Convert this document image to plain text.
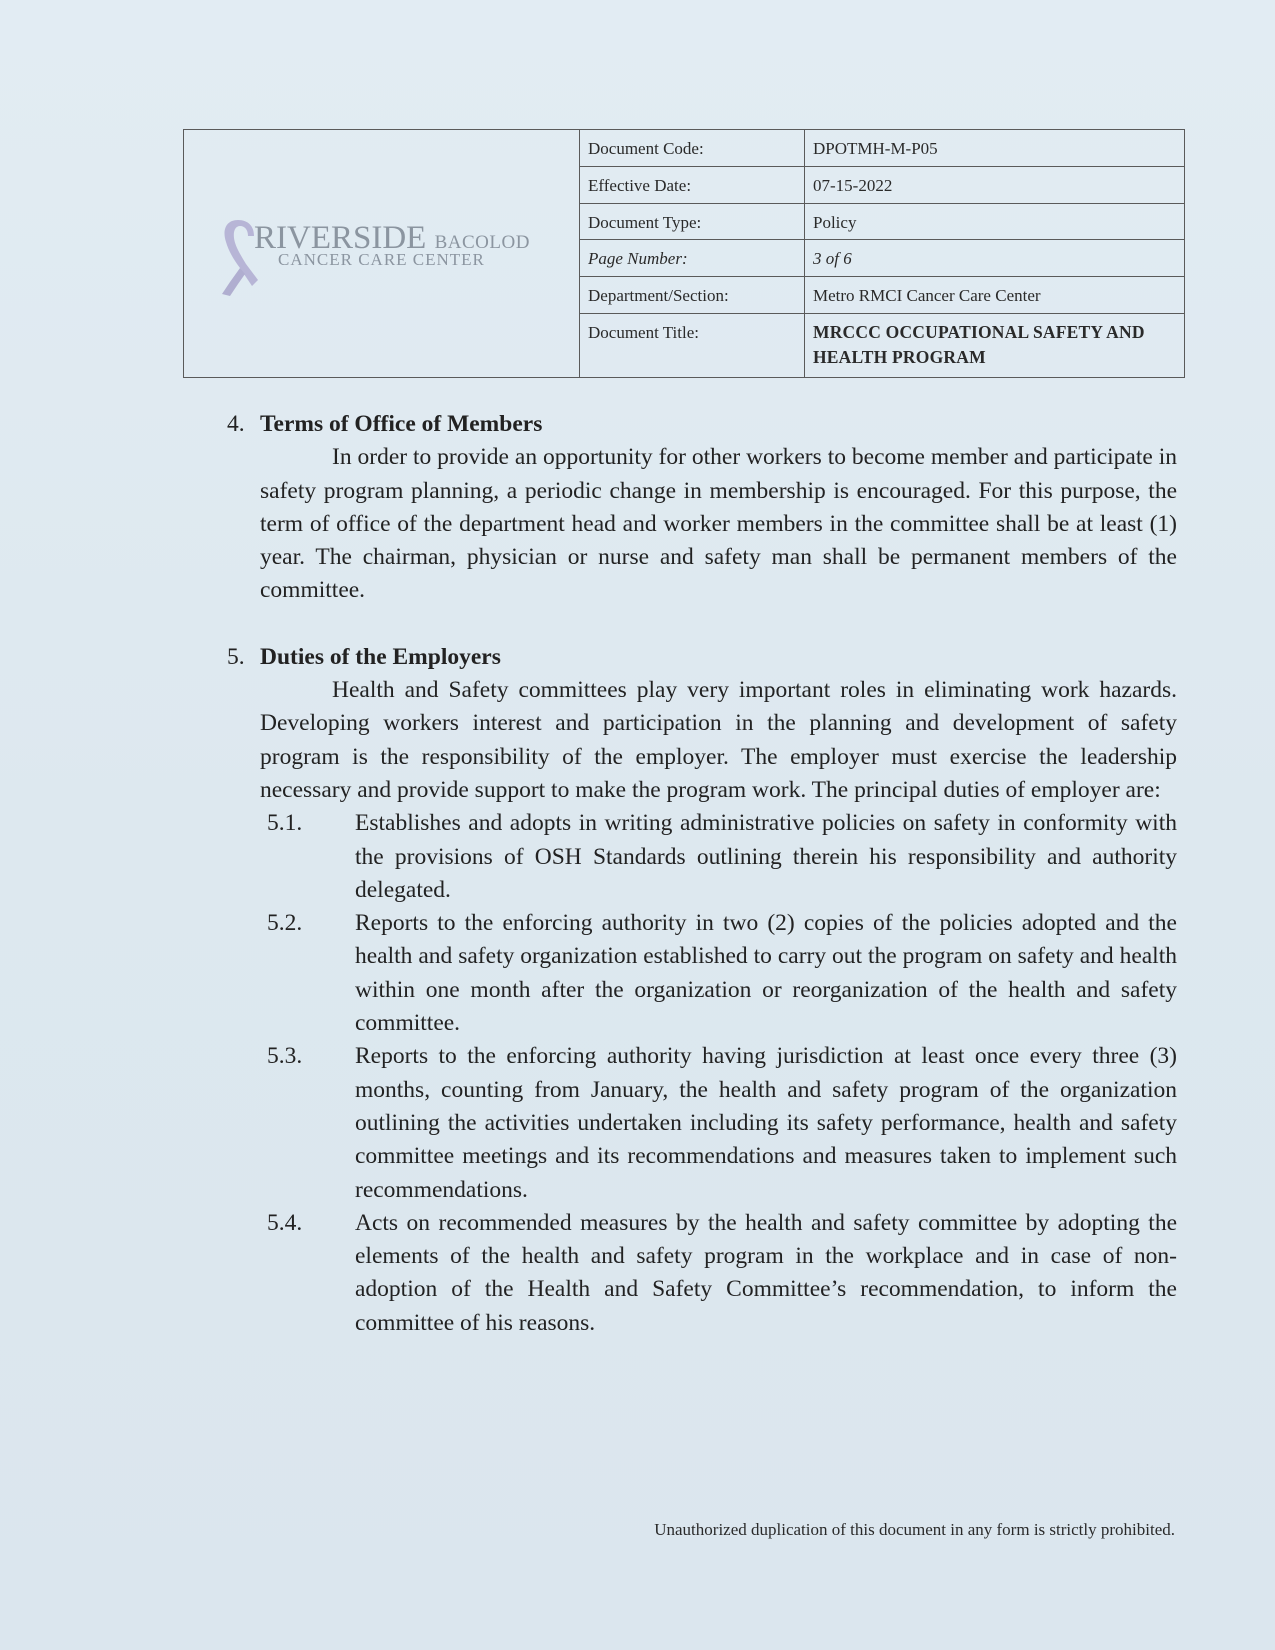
RIVERSIDE BACOLOD
CANCER CARE CENTER
Document Code:	DPOTMH-M-P05
Effective Date:	07-15-2022
Document Type:	Policy
Page Number:	3 of 6
Department/Section:	Metro RMCI Cancer Care Center
Document Title:	MRCCC OCCUPATIONAL SAFETY AND HEALTH PROGRAM
4. Terms of Office of Members
In order to provide an opportunity for other workers to become member and participate in safety program planning, a periodic change in membership is encouraged. For this purpose, the term of office of the department head and worker members in the committee shall be at least (1) year. The chairman, physician or nurse and safety man shall be permanent members of the committee.
5. Duties of the Employers
Health and Safety committees play very important roles in eliminating work hazards. Developing workers interest and participation in the planning and development of safety program is the responsibility of the employer. The employer must exercise the leadership necessary and provide support to make the program work. The principal duties of employer are:
5.1.	Establishes and adopts in writing administrative policies on safety in conformity with the provisions of OSH Standards outlining therein his responsibility and authority delegated.
5.2.	Reports to the enforcing authority in two (2) copies of the policies adopted and the health and safety organization established to carry out the program on safety and health within one month after the organization or reorganization of the health and safety committee.
5.3.	Reports to the enforcing authority having jurisdiction at least once every three (3) months, counting from January, the health and safety program of the organization outlining the activities undertaken including its safety performance, health and safety committee meetings and its recommendations and measures taken to implement such recommendations.
5.4.	Acts on recommended measures by the health and safety committee by adopting the elements of the health and safety program in the workplace and in case of non-adoption of the Health and Safety Committee’s recommendation, to inform the committee of his reasons.
Unauthorized duplication of this document in any form is strictly prohibited.
